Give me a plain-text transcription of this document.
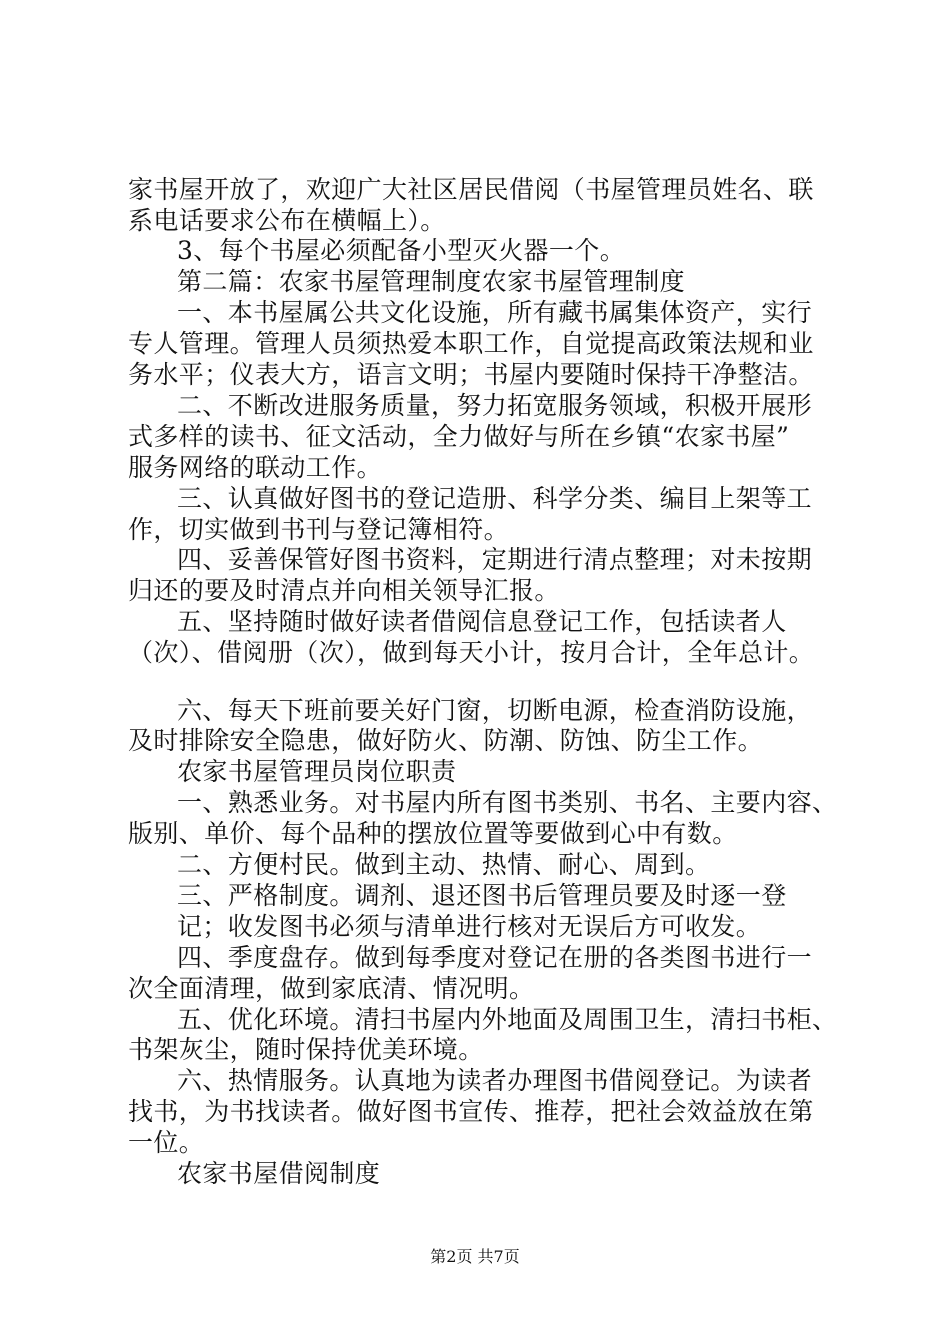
家书屋开放了，欢迎广大社区居民借阅（书屋管理员姓名、联
系电话要求公布在横幅上）。
3、每个书屋必须配备小型灭火器一个。
第二篇：农家书屋管理制度农家书屋管理制度
一、本书屋属公共文化设施，所有藏书属集体资产，实行
专人管理。管理人员须热爱本职工作，自觉提高政策法规和业
务水平；仪表大方，语言文明；书屋内要随时保持干净整洁。
二、不断改进服务质量，努力拓宽服务领域，积极开展形
式多样的读书、征文活动，全力做好与所在乡镇“农家书屋”
服务网络的联动工作。
三、认真做好图书的登记造册、科学分类、编目上架等工
作，切实做到书刊与登记簿相符。
四、妥善保管好图书资料，定期进行清点整理；对未按期
归还的要及时清点并向相关领导汇报。
五、坚持随时做好读者借阅信息登记工作，包括读者人
（次）、借阅册（次），做到每天小计，按月合计，全年总计。
六、每天下班前要关好门窗，切断电源，检查消防设施，
及时排除安全隐患，做好防火、防潮、防蚀、防尘工作。
农家书屋管理员岗位职责
一、熟悉业务。对书屋内所有图书类别、书名、主要内容、
版别、单价、每个品种的摆放位置等要做到心中有数。
二、方便村民。做到主动、热情、耐心、周到。
三、严格制度。调剂、退还图书后管理员要及时逐一登
记；收发图书必须与清单进行核对无误后方可收发。
四、季度盘存。做到每季度对登记在册的各类图书进行一
次全面清理，做到家底清、情况明。
五、优化环境。清扫书屋内外地面及周围卫生，清扫书柜、
书架灰尘，随时保持优美环境。
六、热情服务。认真地为读者办理图书借阅登记。为读者
找书，为书找读者。做好图书宣传、推荐，把社会效益放在第
一位。
农家书屋借阅制度
第2页 共7页
